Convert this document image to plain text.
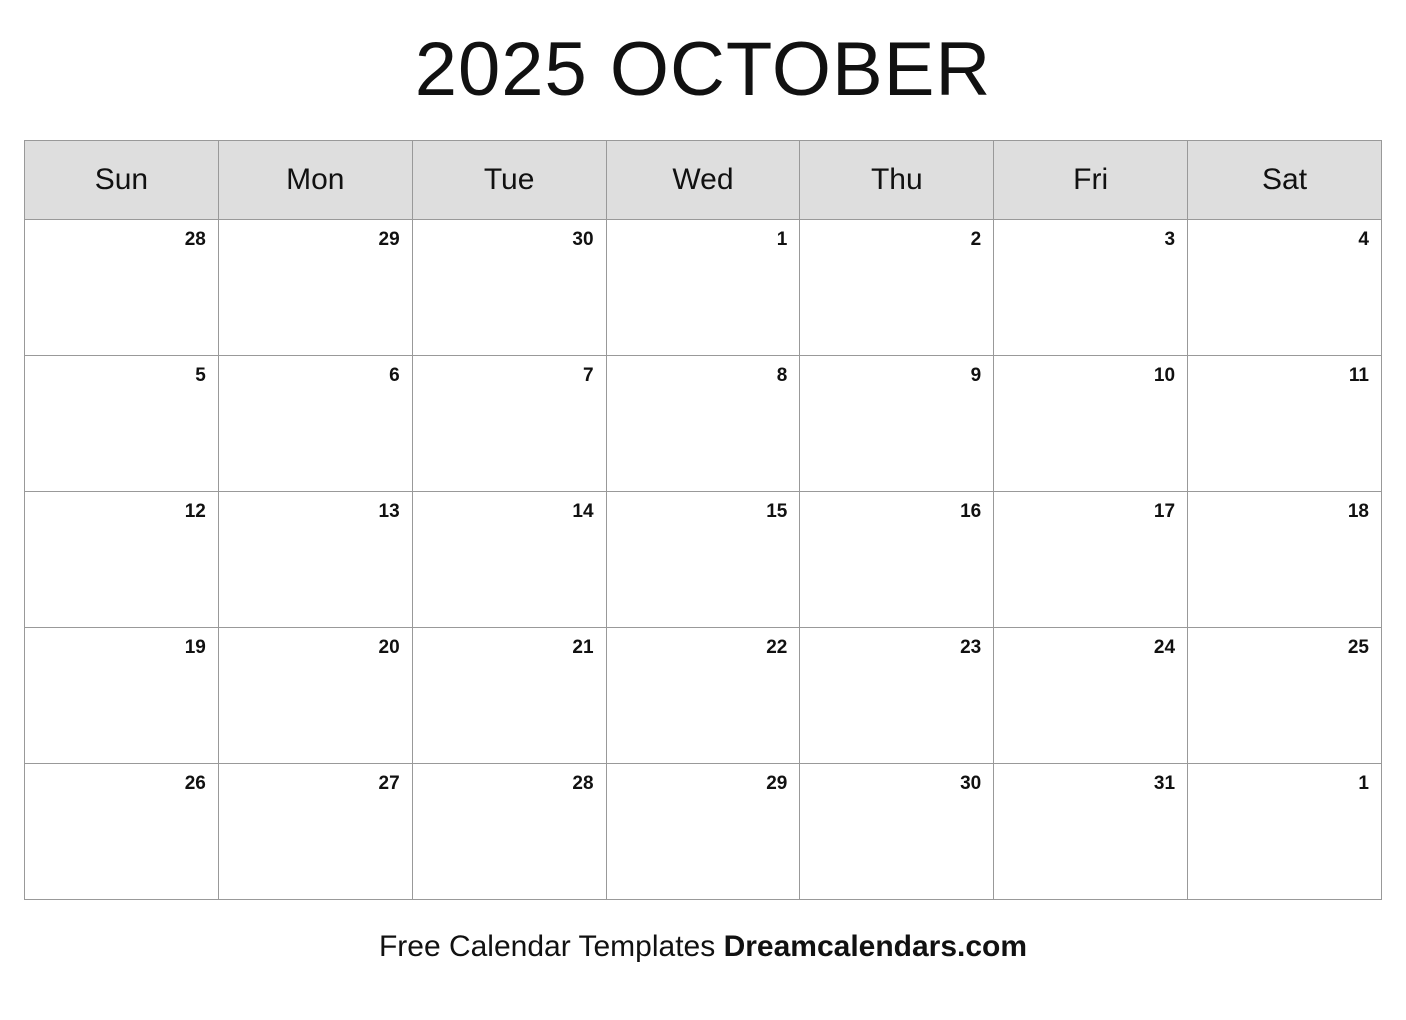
2025 OCTOBER
Sun	Mon	Tue	Wed	Thu	Fri	Sat

28	29	30	1	2	3	4

5	6	7	8	9	10	11

12	13	14	15	16	17	18

19	20	21	22	23	24	25

26	27	28	29	30	31	1
Free Calendar Templates Dreamcalendars.com
